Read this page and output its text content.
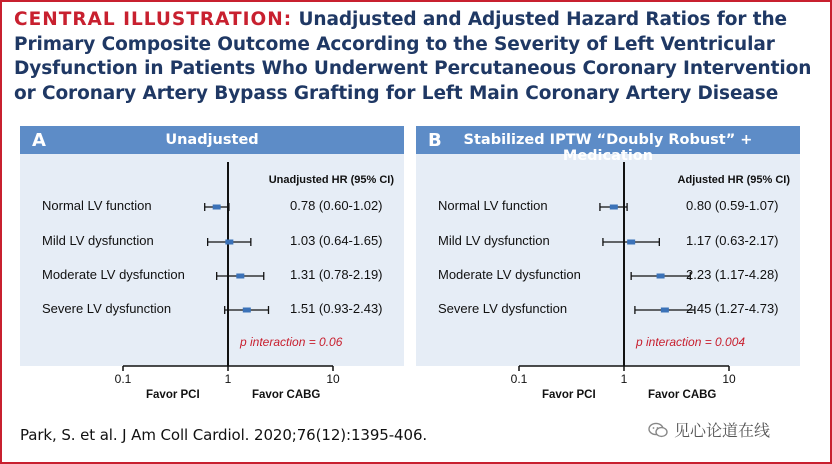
CENTRAL ILLUSTRATION: Unadjusted and Adjusted Hazard Ratios for the Primary Composite Outcome According to the Severity of Left Ventricular Dysfunction in Patients Who Underwent Percutaneous Coronary Intervention or Coronary Artery Bypass Grafting for Left Main Coronary Artery Disease
Unadjusted
A
0.1	1	10
Normal LV function	0.78 (0.60-1.02)
Mild LV dysfunction	1.03 (0.64-1.65)
Moderate LV dysfunction	1.31 (0.78-2.19)
Severe LV dysfunction	1.51 (0.93-2.43)
Unadjusted HR (95% CI)
p interaction = 0.06
Favor PCI	Favor CABG
Stabilized IPTW “Doubly Robust” + Medication
B
0.1	1	10
Normal LV function	0.80 (0.59-1.07)
Mild LV dysfunction	1.17 (0.63-2.17)
Moderate LV dysfunction	2.23 (1.17-4.28)
Severe LV dysfunction	2.45 (1.27-4.73)
Adjusted HR (95% CI)
p interaction = 0.004
Favor PCI	Favor CABG
Park, S. et al. J Am Coll Cardiol. 2020;76(12):1395-406.	见心论道在线
